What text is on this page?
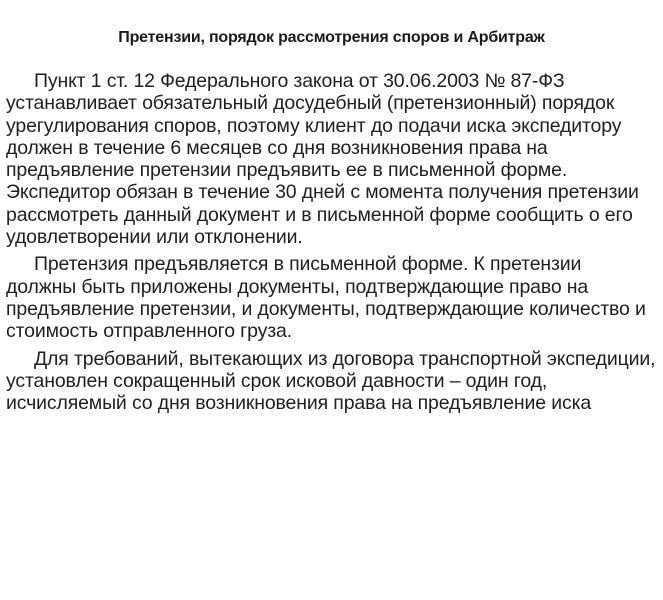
Претензии, порядок рассмотрения споров и Арбитраж

Пункт 1 ст. 12 Федерального закона от 30.06.2003 № 87-ФЗ устанавливает обязательный досудебный (претензионный) порядок урегулирования споров, поэтому клиент до подачи иска экспедитору должен в течение 6 месяцев со дня возникновения права на предъявление претензии предъявить ее в письменной форме. Экспедитор обязан в течение 30 дней с момента получения претензии рассмотреть данный документ и в письменной форме сообщить о его удовлетворении или отклонении.

Претензия предъявляется в письменной форме. К претензии должны быть приложены документы, подтверждающие право на предъявление претензии, и документы, подтверждающие количество и стоимость отправленного груза.

Для требований, вытекающих из договора транспортной экспедиции, установлен сокращенный срок исковой давности – один год, исчисляемый со дня возникновения права на предъявление иска
